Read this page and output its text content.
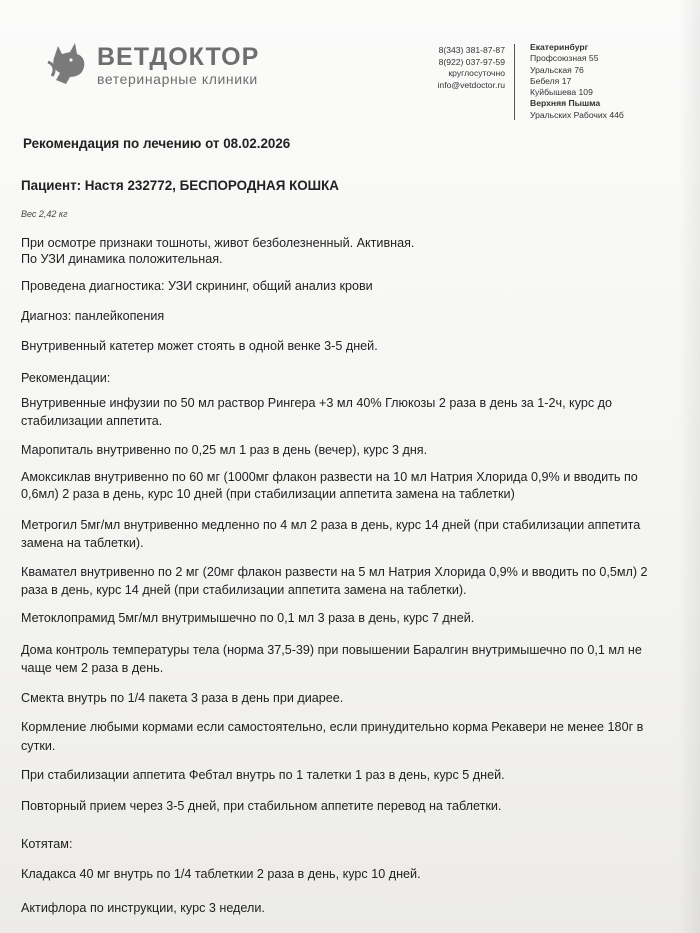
ВЕТДОКТОР
ветеринарные клиники
8(343) 381-87-87
8(922) 037-97-59
круглосуточно
info@vetdoctor.ru
Екатеринбург
Профсоюзная 55
Уральская 76
Бебеля 17
Куйбышева 109
Верхняя Пышма
Уральских Рабочих 44б
Рекомендация по лечению от 08.02.2026
Пациент: Настя 232772, БЕСПОРОДНАЯ КОШКА
Вес 2,42 кг
При осмотре признаки тошноты, живот безболезненный. Активная.
По УЗИ динамика положительная.
Проведена диагностика: УЗИ скрининг, общий анализ крови
Диагноз: панлейкопения
Внутривенный катетер может стоять в одной венке 3-5 дней.
Рекомендации:
Внутривенные инфузии по 50 мл раствор Рингера +3 мл 40% Глюкозы 2 раза в день за 1-2ч, курс до
стабилизации аппетита.
Маропиталь внутривенно по 0,25 мл 1 раз в день (вечер), курс 3 дня.
Амоксиклав внутривенно по 60 мг (1000мг флакон развести на 10 мл Натрия Хлорида 0,9% и вводить по
0,6мл) 2 раза в день, курс 10 дней (при стабилизации аппетита замена на таблетки)
Метрогил 5мг/мл внутривенно медленно по 4 мл 2 раза в день, курс 14 дней (при стабилизации аппетита
замена на таблетки).
Квамател внутривенно по 2 мг (20мг флакон развести на 5 мл Натрия Хлорида 0,9% и вводить по 0,5мл) 2
раза в день, курс 14 дней (при стабилизации аппетита замена на таблетки).
Метоклопрамид 5мг/мл внутримышечно по 0,1 мл 3 раза в день, курс 7 дней.
Дома контроль температуры тела (норма 37,5-39) при повышении Баралгин внутримышечно по 0,1 мл не
чаще чем 2 раза в день.
Смекта внутрь по 1/4 пакета 3 раза в день при диарее.
Кормление любыми кормами если самостоятельно, если принудительно корма Рекавери не менее 180г в
сутки.
При стабилизации аппетита Фебтал внутрь по 1 талетки 1 раз в день, курс 5 дней.
Повторный прием через 3-5 дней, при стабильном аппетите перевод на таблетки.
Котятам:
Кладакса 40 мг внутрь по 1/4 таблеткии 2 раза в день, курс 10 дней.
Актифлора по инструкции, курс 3 недели.
